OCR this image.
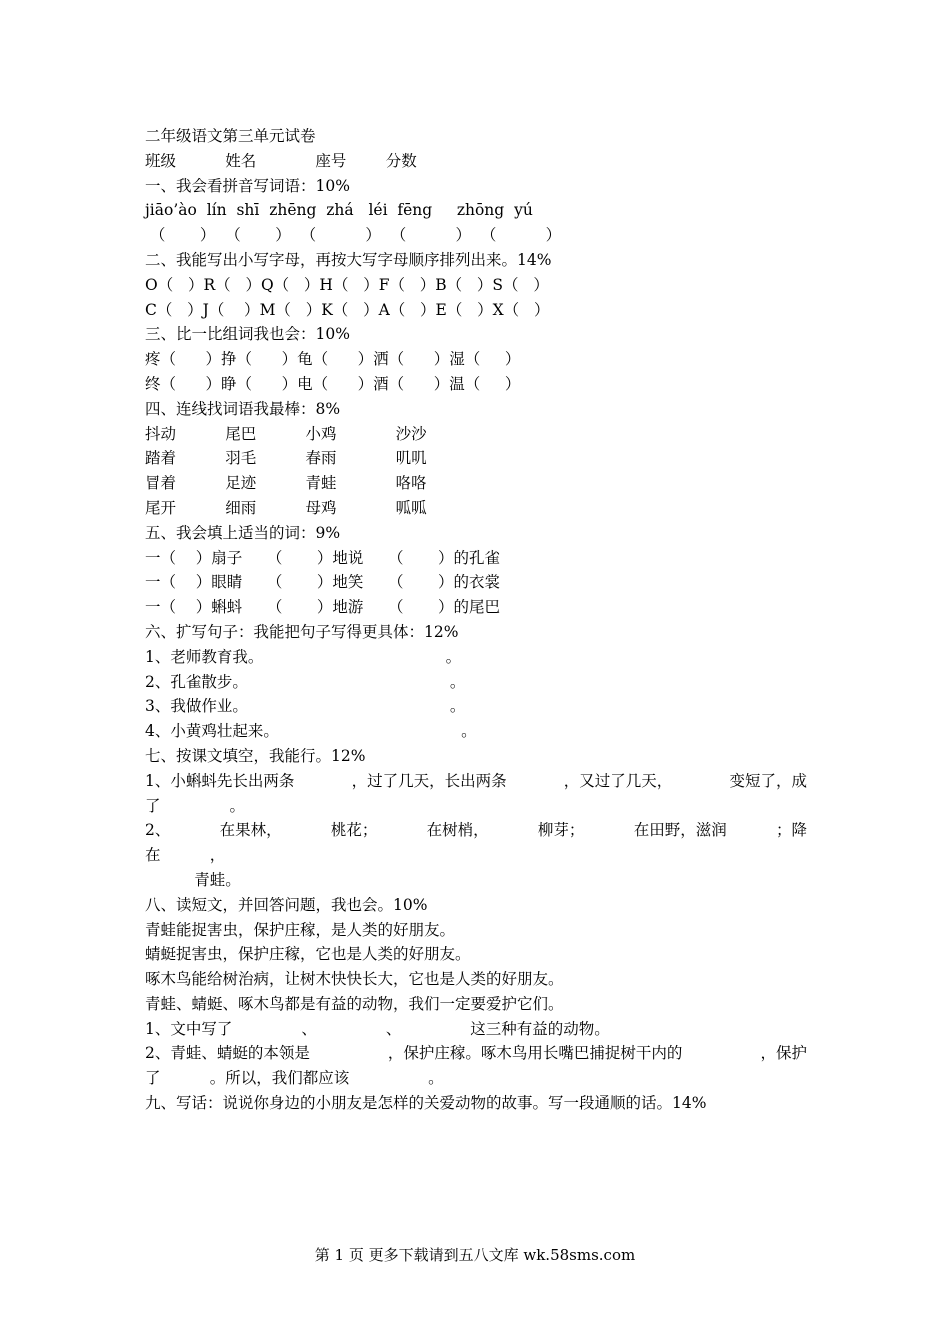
二年级语文第三单元试卷
班级          姓名            座号        分数
一、我会看拼音写词语：10%
jiāo’ào  lín  shī  zhēng  zhá   léi  fēng     zhōng  yú
（       ）  （       ）  （          ）  （          ）  （          ）
二、我能写出小写字母，再按大写字母顺序排列出来。14%
O（   ）R（   ）Q（   ）H（   ）F（   ）B（   ）S（   ）
C（   ）J（    ）M（   ）K（   ）A（   ）E（   ）X（   ）
三、比一比组词我也会：10%
疼（      ）挣（      ）龟（      ）洒（      ）湿（     ）
终（      ）睁（      ）电（      ）酒（      ）温（     ）
四、连线找词语我最棒：8%
抖动          尾巴          小鸡            沙沙
踏着          羽毛          春雨            叽叽
冒着          足迹          青蛙            咯咯
尾开          细雨          母鸡            呱呱
五、我会填上适当的词：9%
一（    ）扇子     （       ）地说     （       ）的孔雀
一（    ）眼睛     （       ）地笑     （       ）的衣裳
一（    ）蝌蚪     （       ）地游     （       ）的尾巴
六、扩写句子：我能把句子写得更具体：12%
1、老师教育我。                                     。
2、孔雀散步。                                         。
3、我做作业。                                         。
4、小黄鸡壮起来。                                     。
七、按课文填空，我能行。12%
1、小蝌蚪先长出两条	，过了几天，长出两条	，又过了几天，	变短了，成
了              。
2、	在果林，	桃花；	在树梢，	柳芽；	在田野，滋润	；降
在          ，
青蛙。
八、读短文，并回答问题，我也会。10%
青蛙能捉害虫，保护庄稼，是人类的好朋友。
蜻蜓捉害虫，保护庄稼，它也是人类的好朋友。
啄木鸟能给树治病，让树木快快长大，它也是人类的好朋友。
青蛙、蜻蜓、啄木鸟都是有益的动物，我们一定要爱护它们。
1、文中写了              、              、              这三种有益的动物。
2、青蛙、蜻蜓的本领是	，保护庄稼。啄木鸟用长嘴巴捕捉树干内的	，保护
了          。所以，我们都应该                。
九、写话：说说你身边的小朋友是怎样的关爱动物的故事。写一段通顺的话。14%
第 1 页 更多下载请到五八文库 wk.58sms.com
